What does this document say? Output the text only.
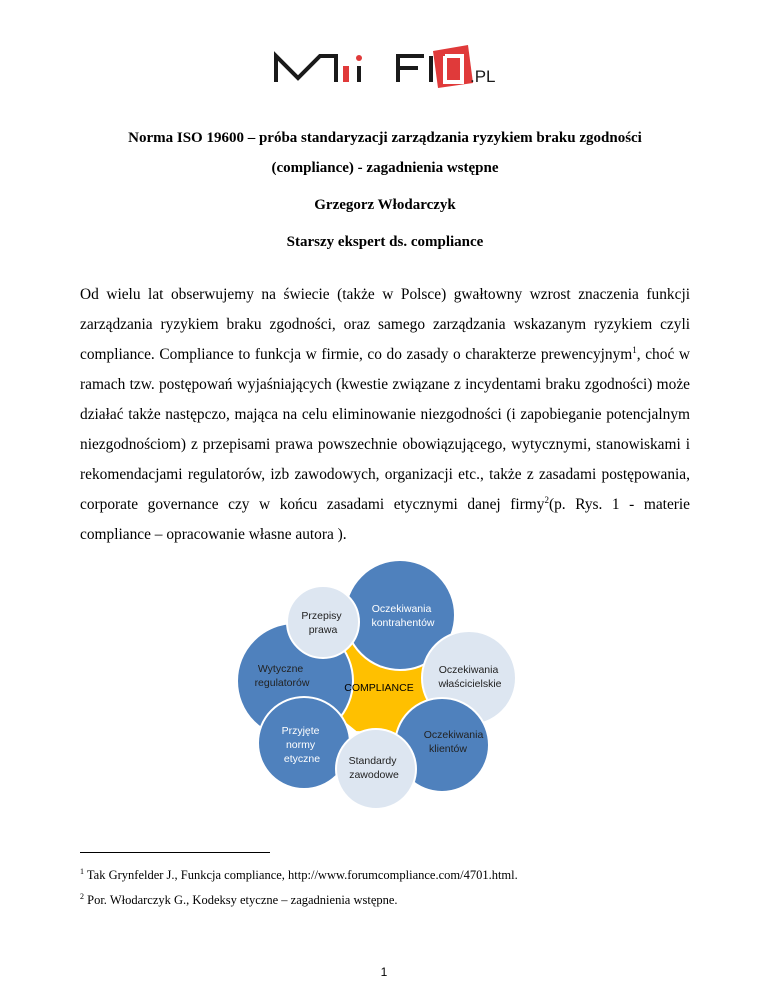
.PL

Norma ISO 19600 – próba standaryzacji zarządzania ryzykiem braku zgodności

(compliance) - zagadnienia wstępne

Grzegorz Włodarczyk

Starszy ekspert ds. compliance

Od wielu lat obserwujemy na świecie (także w Polsce) gwałtowny wzrost znaczenia funkcji zarządzania ryzykiem braku zgodności, oraz samego zarządzania wskazanym ryzykiem czyli compliance. Compliance to funkcja w firmie, co do zasady o charakterze prewencyjnym$^1$, choć w ramach tzw. postępowań wyjaśniających (kwestie związane z incydentami braku zgodności) może działać także następczo, mająca na celu eliminowanie niezgodności (i zapobieganie potencjalnym niezgodnościom) z przepisami prawa powszechnie obowiązującego, wytycznymi, stanowiskami i rekomendacjami regulatorów, izb zawodowych, organizacji etc., także z zasadami postępowania, corporate governance czy w końcu zasadami etycznymi danej firmy$^2$(p. Rys. 1 - materie compliance – opracowanie własne autora ).

COMPLIANCE
Oczekiwania kontrahentów
Przepisy prawa
Oczekiwania właścicielskie
Wytyczne regulatorów
Przyjęte normy etyczne
Oczekiwania klientów
Standardy zawodowe

$^1$ Tak Grynfelder J., Funkcja compliance, http://www.forumcompliance.com/4701.html.

$^2$ Por. Włodarczyk G., Kodeksy etyczne – zagadnienia wstępne.

1
